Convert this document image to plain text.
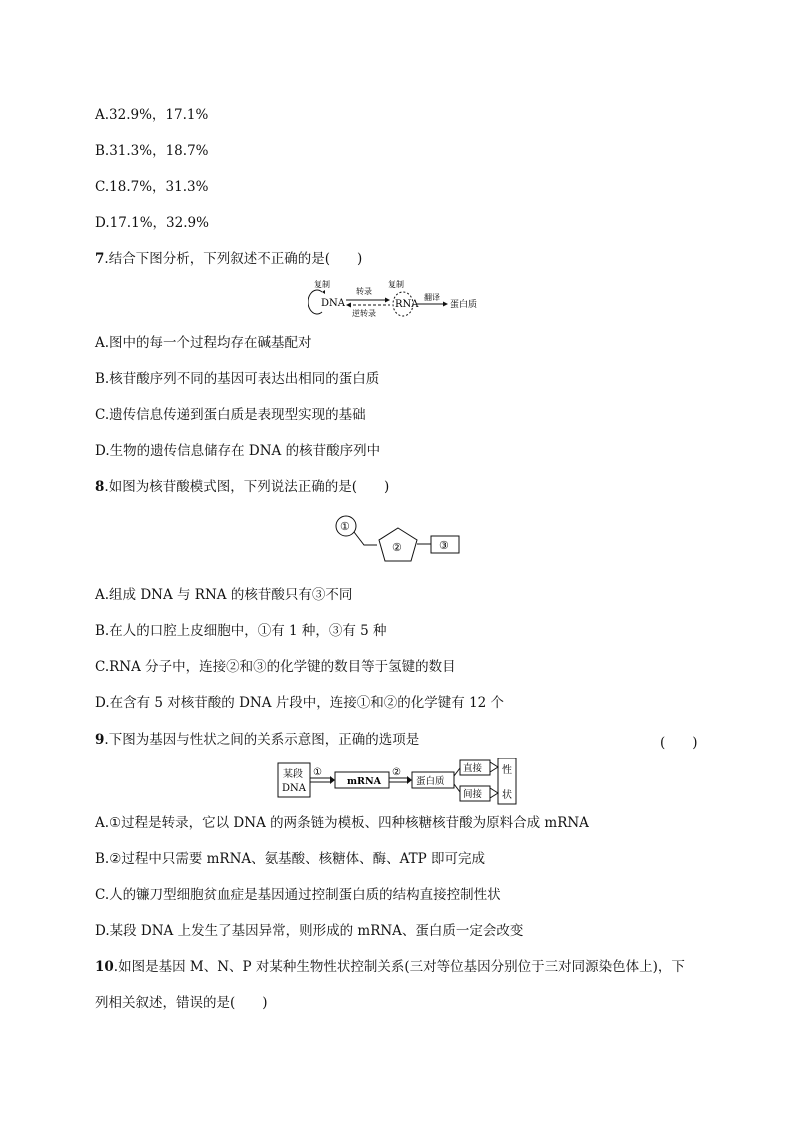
A.32.9%，17.1%
B.31.3%，18.7%
C.18.7%，31.3%
D.17.1%，32.9%
7.结合下图分析，下列叙述不正确的是(　　)
复制
DNA
转录
逆转录
复制
RNA
翻译
蛋白质
A.图中的每一个过程均存在碱基配对
B.核苷酸序列不同的基因可表达出相同的蛋白质
C.遗传信息传递到蛋白质是表现型实现的基础
D.生物的遗传信息储存在 DNA 的核苷酸序列中
8.如图为核苷酸模式图，下列说法正确的是(　　)
①
②	③
A.组成 DNA 与 RNA 的核苷酸只有③不同
B.在人的口腔上皮细胞中，①有 1 种，③有 5 种
C.RNA 分子中，连接②和③的化学键的数目等于氢键的数目
D.在含有 5 对核苷酸的 DNA 片段中，连接①和②的化学键有 12 个
9.下图为基因与性状之间的关系示意图，正确的选项是	(　　)
某段
DNA
①
mRNA
②
蛋白质
直接
间接
性
状
A.①过程是转录，它以 DNA 的两条链为模板、四种核糖核苷酸为原料合成 mRNA
B.②过程中只需要 mRNA、氨基酸、核糖体、酶、ATP 即可完成
C.人的镰刀型细胞贫血症是基因通过控制蛋白质的结构直接控制性状
D.某段 DNA 上发生了基因异常，则形成的 mRNA、蛋白质一定会改变
10.如图是基因 M、N、P 对某种生物性状控制关系(三对等位基因分别位于三对同源染色体上)，下
列相关叙述，错误的是(　　)
